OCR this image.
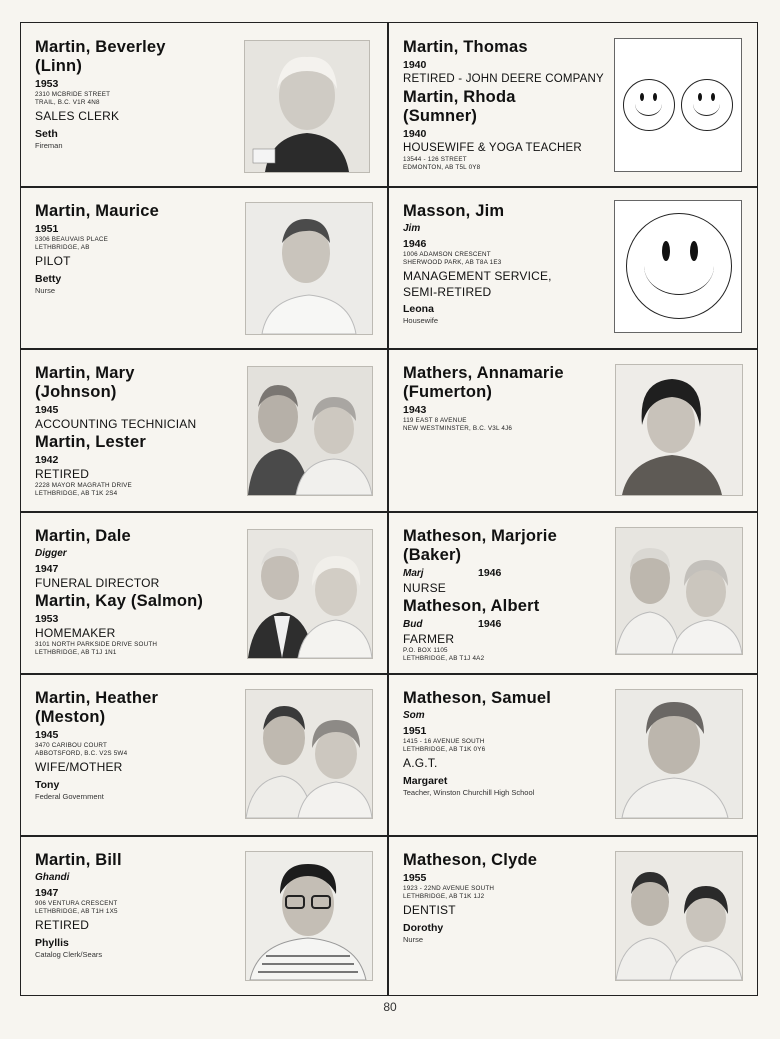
Martin, Beverley
(Linn)
1953
2310 MCBRIDE STREET
TRAIL, B.C. V1R 4N8
SALES CLERK
Seth
Fireman
Martin, Thomas
1940
RETIRED - JOHN DEERE COMPANY
Martin, Rhoda
(Sumner)
1940
HOUSEWIFE & YOGA TEACHER
13544 - 126 STREET
EDMONTON, AB T5L 0Y8
Martin, Maurice
1951
3306 BEAUVAIS PLACE
LETHBRIDGE, AB
PILOT
Betty
Nurse
Masson, Jim
Jim
1946
1006 ADAMSON CRESCENT
SHERWOOD PARK, AB T8A 1E3
MANAGEMENT SERVICE,
SEMI-RETIRED
Leona
Housewife
Martin, Mary
(Johnson)
1945
ACCOUNTING TECHNICIAN
Martin, Lester
1942
RETIRED
2228 MAYOR MAGRATH DRIVE
LETHBRIDGE, AB T1K 2S4
Mathers, Annamarie
(Fumerton)
1943
119 EAST 8 AVENUE
NEW WESTMINSTER, B.C. V3L 4J6
Martin, Dale
Digger
1947
FUNERAL DIRECTOR
Martin, Kay (Salmon)
1953
HOMEMAKER
3101 NORTH PARKSIDE DRIVE SOUTH
LETHBRIDGE, AB T1J 1N1
Matheson, Marjorie
(Baker)
Marj	1946
NURSE
Matheson, Albert
Bud	1946
FARMER
P.O. BOX 1105
LETHBRIDGE, AB T1J 4A2
Martin, Heather
(Meston)
1945
3470 CARIBOU COURT
ABBOTSFORD, B.C. V2S 5W4
WIFE/MOTHER
Tony
Federal Government
Matheson, Samuel
Som
1951
1415 - 16 AVENUE SOUTH
LETHBRIDGE, AB T1K 0Y6
A.G.T.
Margaret
Teacher, Winston Churchill High School
Martin, Bill
Ghandi
1947
906 VENTURA CRESCENT
LETHBRIDGE, AB T1H 1X5
RETIRED
Phyllis
Catalog Clerk/Sears
Matheson, Clyde
1955
1923 - 22ND AVENUE SOUTH
LETHBRIDGE, AB T1K 1J2
DENTIST
Dorothy
Nurse
80
